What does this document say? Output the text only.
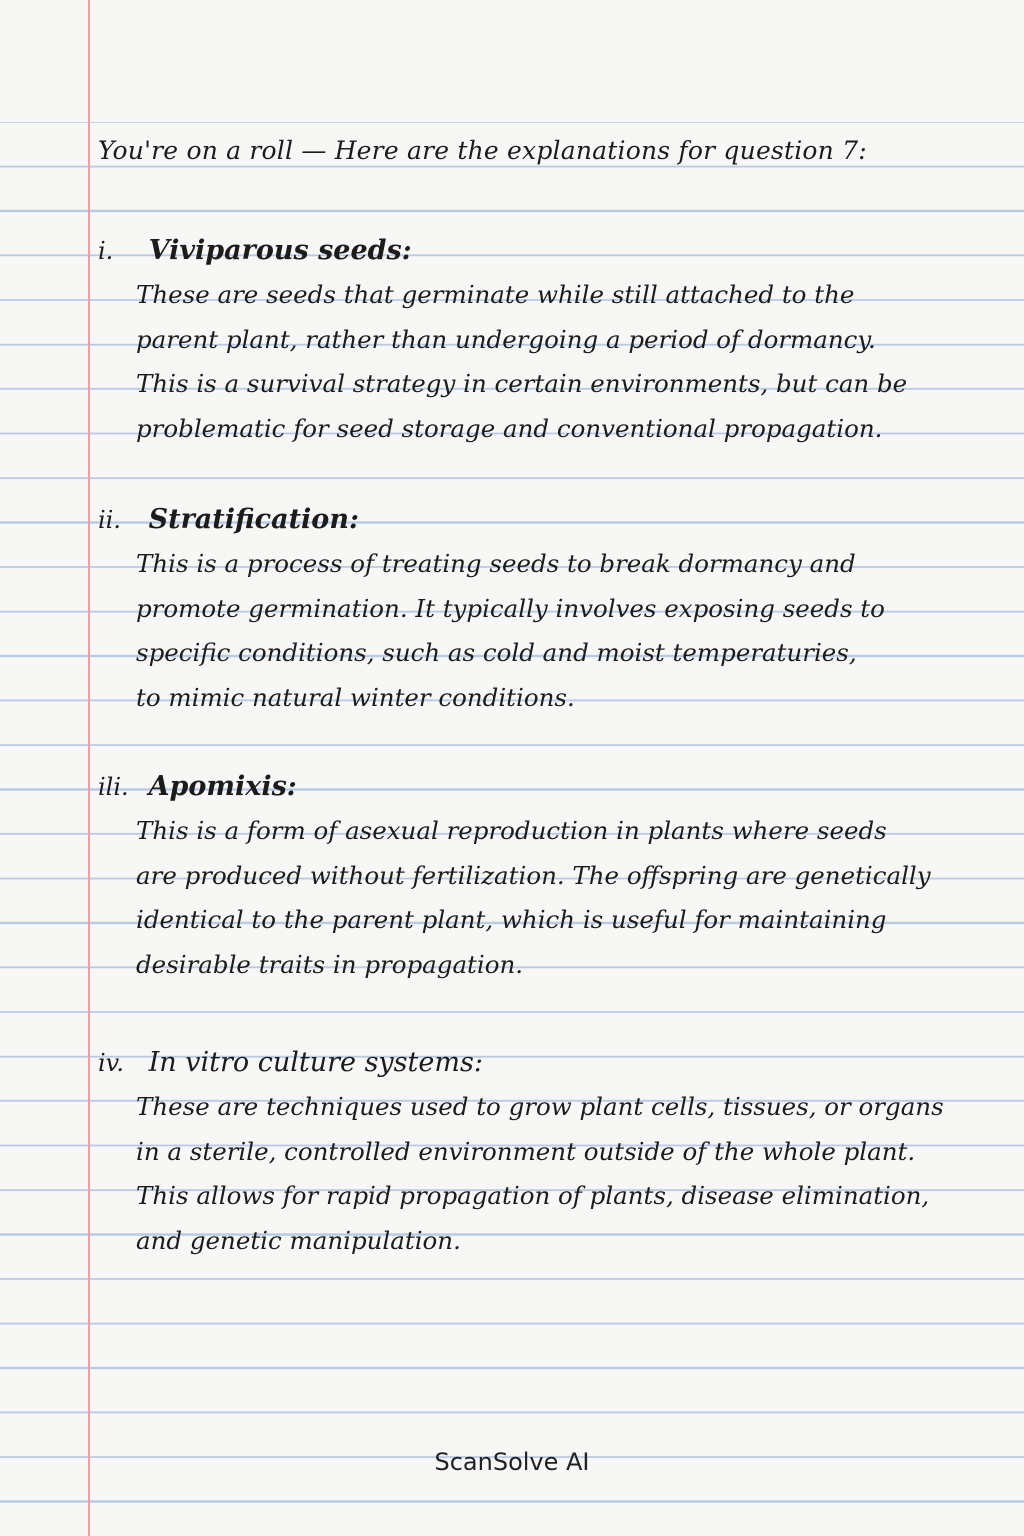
You're on a roll — Here are the explanations for question 7:
i. Viviparous seeds:
These are seeds that germinate while still attached to the
parent plant, rather than undergoing a period of dormancy.
This is a survival strategy in certain environments, but can be
problematic for seed storage and conventional propagation.
ii. Stratification:
This is a process of treating seeds to break dormancy and
promote germination. It typically involves exposing seeds to
specific conditions, such as cold and moist temperaturies,
to mimic natural winter conditions.
ili. Apomixis:
This is a form of asexual reproduction in plants where seeds
are produced without fertilization. The offspring are genetically
identical to the parent plant, which is useful for maintaining
desirable traits in propagation.
iv. In vitro culture systems:
These are techniques used to grow plant cells, tissues, or organs
in a sterile, controlled environment outside of the whole plant.
This allows for rapid propagation of plants, disease elimination,
and genetic manipulation.
ScanSolve AI
